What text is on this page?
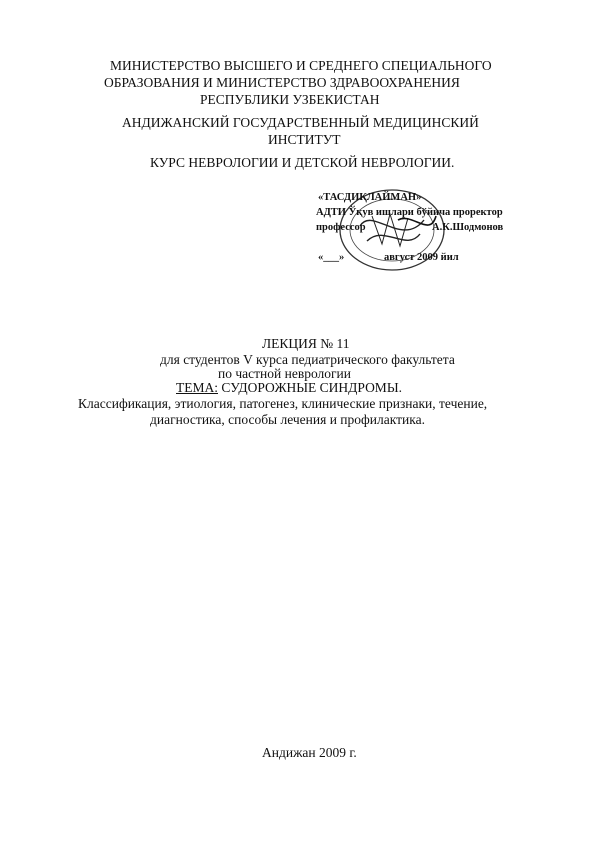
МИНИСТЕРСТВО ВЫСШЕГО И СРЕДНЕГО СПЕЦИАЛЬНОГО
ОБРАЗОВАНИЯ И МИНИСТЕРСТВО ЗДРАВООХРАНЕНИЯ
РЕСПУБЛИКИ УЗБЕКИСТАН
АНДИЖАНСКИЙ ГОСУДАРСТВЕННЫЙ МЕДИЦИНСКИЙ
ИНСТИТУТ
КУРС НЕВРОЛОГИИ И ДЕТСКОЙ НЕВРОЛОГИИ.
«ТАСДИҚЛАЙМАН»
АДТИ Ўқув ишлари бўйича проректор
профессор	А.К.Шодмонов
«___»	август 2009 йил
ЛЕКЦИЯ № 11
для студентов V курса педиатрического факультета
по частной неврологии
ТЕМА: СУДОРОЖНЫЕ СИНДРОМЫ.
Классификация, этиология, патогенез, клинические признаки, течение,
диагностика, способы лечения и профилактика.
Андижан 2009 г.
